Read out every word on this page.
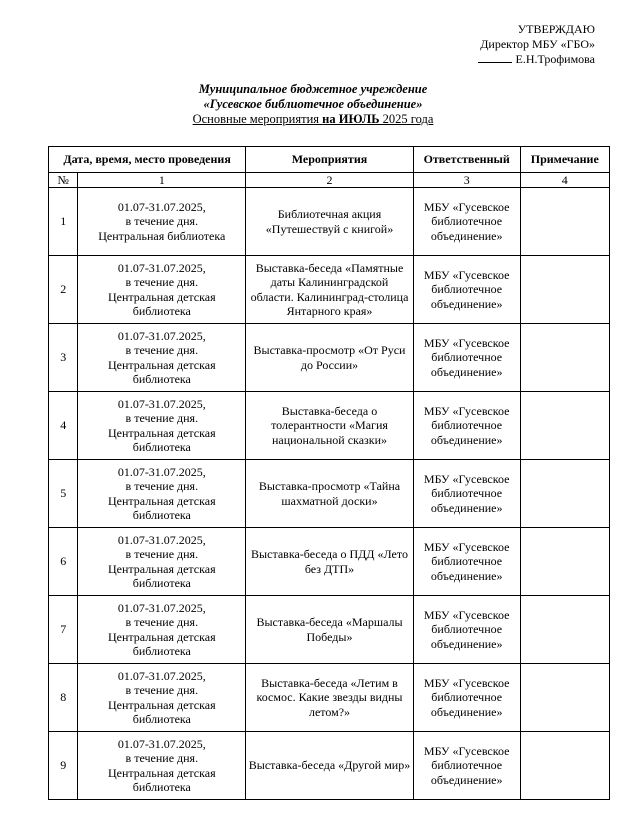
УТВЕРЖДАЮ
Директор МБУ «ГБО»
Е.Н.Трофимова
Муниципальное бюджетное учреждение
«Гусевское библиотечное объединение»
Основные мероприятия на ИЮЛЬ 2025 года
Дата, время, место проведения		Мероприятия	Ответственный	Примечание
№	1	2	3	4
1	01.07-31.07.2025,
в течение дня.
Центральная библиотека	Библиотечная акция «Путешествуй с книгой»	МБУ «Гусевское библиотечное объединение»	
2	01.07-31.07.2025,
в течение дня.
Центральная детская библиотека	Выставка-беседа «Памятные даты Калининградской области. Калининград-столица Янтарного края»	МБУ «Гусевское библиотечное объединение»	
3	01.07-31.07.2025,
в течение дня.
Центральная детская библиотека	Выставка-просмотр «От Руси до России»	МБУ «Гусевское библиотечное объединение»	
4	01.07-31.07.2025,
в течение дня.
Центральная детская библиотека	Выставка-беседа о толерантности «Магия национальной сказки»	МБУ «Гусевское библиотечное объединение»	
5	01.07-31.07.2025,
в течение дня.
Центральная детская библиотека	Выставка-просмотр «Тайна шахматной доски»	МБУ «Гусевское библиотечное объединение»	
6	01.07-31.07.2025,
в течение дня.
Центральная детская библиотека	Выставка-беседа о ПДД «Лето без ДТП»	МБУ «Гусевское библиотечное объединение»	
7	01.07-31.07.2025,
в течение дня.
Центральная детская библиотека	Выставка-беседа «Маршалы Победы»	МБУ «Гусевское библиотечное объединение»	
8	01.07-31.07.2025,
в течение дня.
Центральная детская библиотека	Выставка-беседа «Летим в космос. Какие звезды видны летом?»	МБУ «Гусевское библиотечное объединение»	
9	01.07-31.07.2025,
в течение дня.
Центральная детская библиотека	Выставка-беседа «Другой мир»	МБУ «Гусевское библиотечное объединение»	
